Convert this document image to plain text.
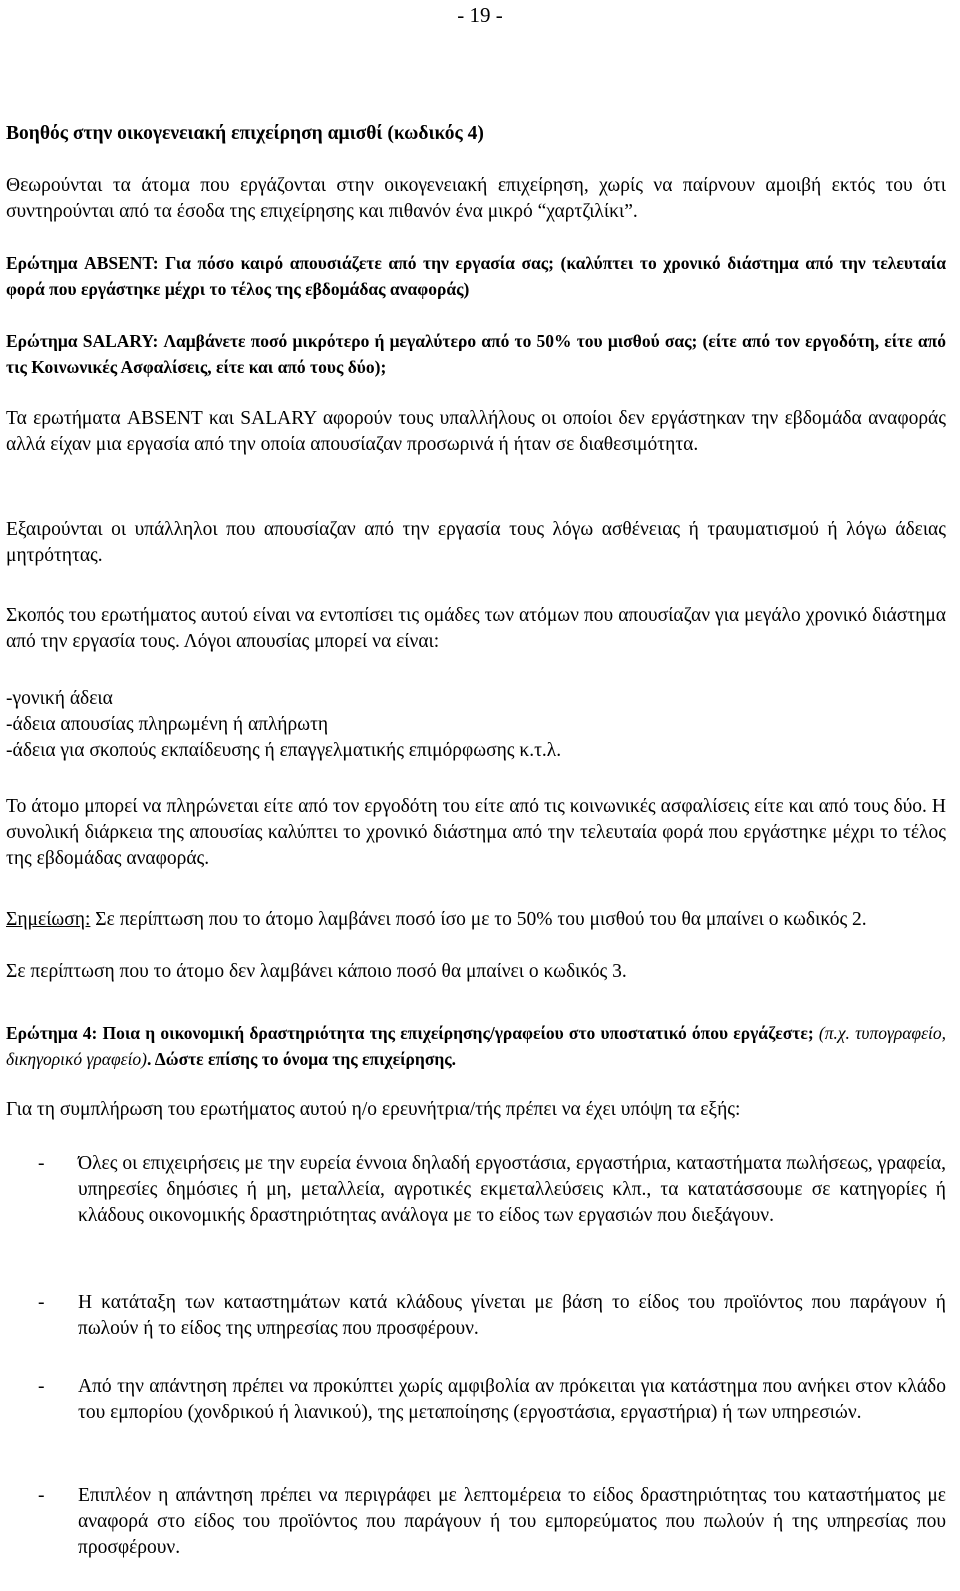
- 19 -

Βοηθός στην οικογενειακή επιχείρηση αμισθί (κωδικός 4)

Θεωρούνται τα άτομα που εργάζονται στην οικογενειακή επιχείρηση, χωρίς να παίρνουν αμοιβή εκτός του ότι συντηρούνται από τα έσοδα της επιχείρησης και πιθανόν ένα μικρό “χαρτζιλίκι”.

Ερώτημα ABSENT: Για πόσο καιρό απουσιάζετε από την εργασία σας; (καλύπτει το χρονικό διάστημα από την τελευταία φορά που εργάστηκε μέχρι το τέλος της εβδομάδας αναφοράς)

Ερώτημα SALARY: Λαμβάνετε ποσό μικρότερο ή μεγαλύτερο από το 50% του μισθού σας; (είτε από τον εργοδότη, είτε από τις Κοινωνικές Ασφαλίσεις, είτε και από τους δύο);

Τα ερωτήματα ABSENT και SALARY αφορούν τους υπαλλήλους οι οποίοι δεν εργάστηκαν την εβδομάδα αναφοράς αλλά είχαν μια εργασία από την οποία απουσίαζαν προσωρινά ή ήταν σε διαθεσιμότητα.

Εξαιρούνται οι υπάλληλοι που απουσίαζαν από την εργασία τους λόγω ασθένειας ή τραυματισμού ή λόγω άδειας μητρότητας.

Σκοπός του ερωτήματος αυτού είναι να εντοπίσει τις ομάδες των ατόμων που απουσίαζαν για μεγάλο χρονικό διάστημα από την εργασία τους. Λόγοι απουσίας μπορεί να είναι:

-γονική άδεια
-άδεια απουσίας πληρωμένη ή απλήρωτη
-άδεια για σκοπούς εκπαίδευσης ή επαγγελματικής επιμόρφωσης κ.τ.λ.

Το άτομο μπορεί να πληρώνεται είτε από τον εργοδότη του είτε από τις κοινωνικές ασφαλίσεις είτε και από τους δύο. Η συνολική διάρκεια της απουσίας καλύπτει το χρονικό διάστημα από την τελευταία φορά που εργάστηκε μέχρι το τέλος της εβδομάδας αναφοράς.

Σημείωση: Σε περίπτωση που το άτομο λαμβάνει ποσό ίσο με το 50% του μισθού του θα μπαίνει ο κωδικός 2.

Σε περίπτωση που το άτομο δεν λαμβάνει κάποιο ποσό θα μπαίνει ο κωδικός 3.

Ερώτημα 4: Ποια η οικονομική δραστηριότητα της επιχείρησης/γραφείου στο υποστατικό όπου εργάζεστε; (π.χ. τυπογραφείο, δικηγορικό γραφείο). Δώστε επίσης το όνομα της επιχείρησης.

Για τη συμπλήρωση του ερωτήματος αυτού η/ο ερευνήτρια/τής πρέπει να έχει υπόψη τα εξής:

- Όλες οι επιχειρήσεις με την ευρεία έννοια δηλαδή εργοστάσια, εργαστήρια, καταστήματα πωλήσεως, γραφεία, υπηρεσίες δημόσιες ή μη, μεταλλεία, αγροτικές εκμεταλλεύσεις κλπ., τα κατατάσσουμε σε κατηγορίες ή κλάδους οικονομικής δραστηριότητας ανάλογα με το είδος των εργασιών που διεξάγουν.
- Η κατάταξη των καταστημάτων κατά κλάδους γίνεται με βάση το είδος του προϊόντος που παράγουν ή πωλούν ή το είδος της υπηρεσίας που προσφέρουν.
- Από την απάντηση πρέπει να προκύπτει χωρίς αμφιβολία αν πρόκειται για κατάστημα που ανήκει στον κλάδο του εμπορίου (χονδρικού ή λιανικού), της μεταποίησης (εργοστάσια, εργαστήρια) ή των υπηρεσιών.
- Επιπλέον η απάντηση πρέπει να περιγράφει με λεπτομέρεια το είδος δραστηριότητας του καταστήματος με αναφορά στο είδος του προϊόντος που παράγουν ή του εμπορεύματος που πωλούν ή της υπηρεσίας που προσφέρουν.
